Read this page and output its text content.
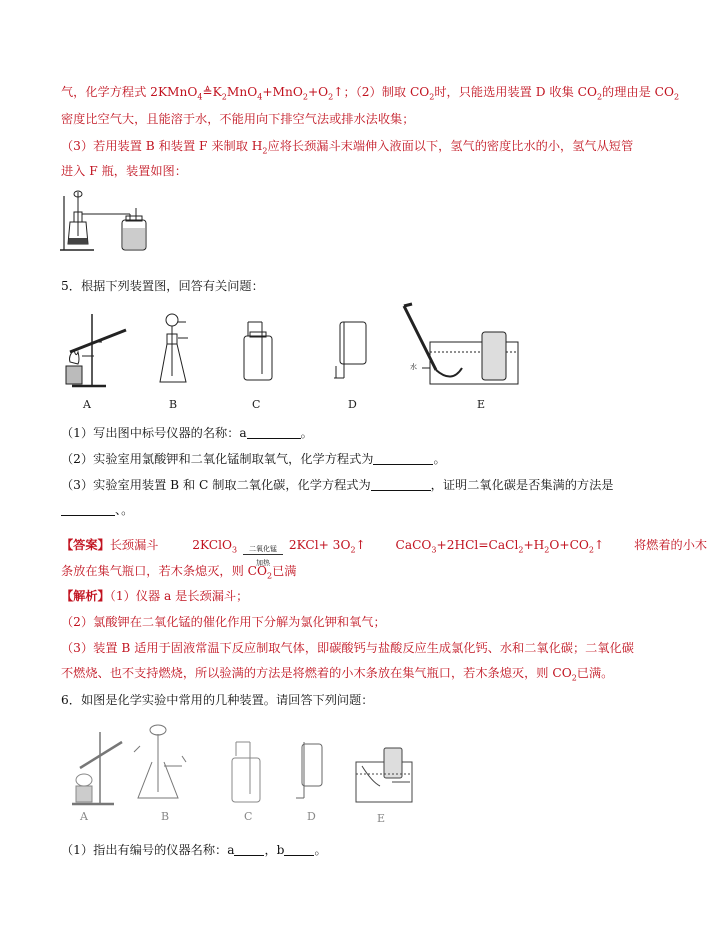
气，化学方程式 $2KMnO_4≜K_2MnO_4+MnO_2+O_2↑$；（2）制取 $CO_2$时，只能选用装置 D 收集 $CO_2$的理由是 $CO_2$
密度比空气大，且能溶于水，不能用向下排空气法或排水法收集；
（3）若用装置 B 和装置 F 来制取 $H_2$应将长颈漏斗末端伸入液面以下，氢气的密度比水的小，氢气从短管
进入 F 瓶，装置如图：
5．根据下列装置图，回答有关问题：
水
A	B	C	D	E
（1）写出图中标号仪器的名称：a	。
（2）实验室用氯酸钾和二氧化锰制取氧气，化学方程式为	。
（3）实验室用装置 B 和 C 制取二氧化碳，化学方程式为	，证明二氧化碳是否集满的方法是
、。
【答案】长颈漏斗	2KClO$_3$	二氧化锰
加热
$2KCl+ 3O_2↑$ $CaCO_3+2HCl=CaCl_2+H_2O+CO_2↑$ 将燃着的小木
条放在集气瓶口，若木条熄灭，则 $CO_2$已满
【解析】（1）仪器 a 是长颈漏斗；
（2）氯酸钾在二氧化锰的催化作用下分解为氯化钾和氧气；
（3）装置 B 适用于固液常温下反应制取气体，即碳酸钙与盐酸反应生成氯化钙、水和二氧化碳；二氧化碳
不燃烧、也不支持燃烧，所以验满的方法是将燃着的小木条放在集气瓶口，若木条熄灭，则 $CO_2$已满。
6．如图是化学实验中常用的几种装置。请回答下列问题：
A	B	C	D	E
（1）指出有编号的仪器名称：a ，b 。
